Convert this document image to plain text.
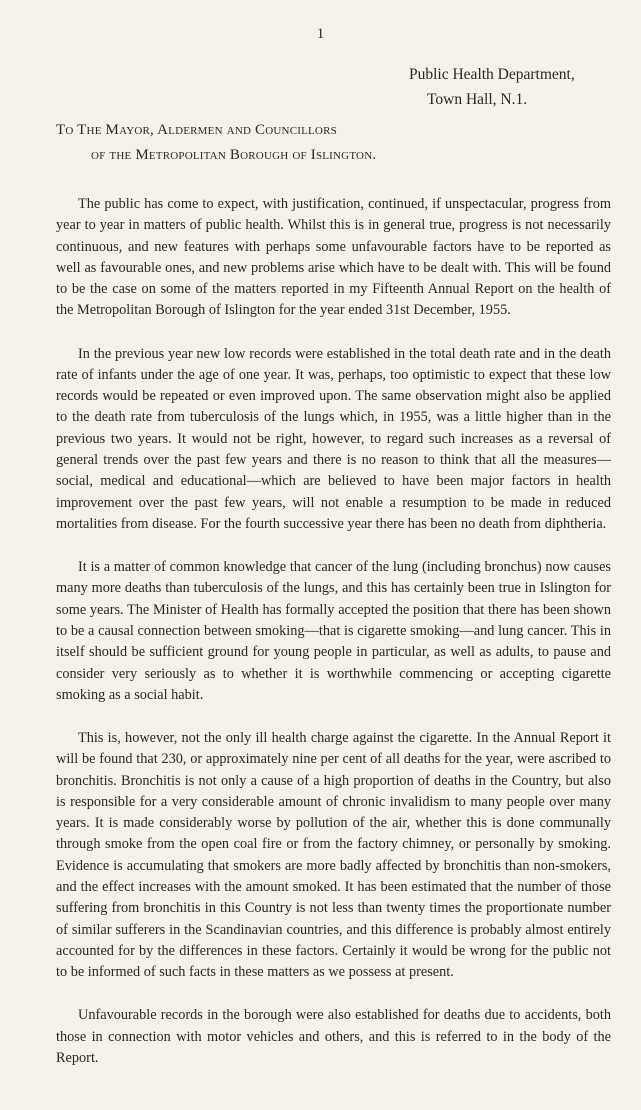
1
Public Health Department,
Town Hall, N.1.
To The Mayor, Aldermen and Councillors
of the Metropolitan Borough of Islington.

The public has come to expect, with justification, continued, if unspectacular, progress from year to year in matters of public health. Whilst this is in general true, progress is not necessarily continuous, and new features with perhaps some unfavourable factors have to be reported as well as favourable ones, and new problems arise which have to be dealt with. This will be found to be the case on some of the matters reported in my Fifteenth Annual Report on the health of the Metropolitan Borough of Islington for the year ended 31st December, 1955.

In the previous year new low records were established in the total death rate and in the death rate of infants under the age of one year. It was, perhaps, too optimistic to expect that these low records would be repeated or even improved upon. The same observation might also be applied to the death rate from tuberculosis of the lungs which, in 1955, was a little higher than in the previous two years. It would not be right, however, to regard such increases as a reversal of general trends over the past few years and there is no reason to think that all the measures—social, medical and educational—which are believed to have been major factors in health improvement over the past few years, will not enable a resumption to be made in reduced mortalities from disease. For the fourth successive year there has been no death from diphtheria.

It is a matter of common knowledge that cancer of the lung (including bronchus) now causes many more deaths than tuberculosis of the lungs, and this has certainly been true in Islington for some years. The Minister of Health has formally accepted the position that there has been shown to be a causal connection between smoking—that is cigarette smoking—and lung cancer. This in itself should be sufficient ground for young people in particular, as well as adults, to pause and consider very seriously as to whether it is worthwhile commencing or accepting cigarette smoking as a social habit.

This is, however, not the only ill health charge against the cigarette. In the Annual Report it will be found that 230, or approximately nine per cent of all deaths for the year, were ascribed to bronchitis. Bronchitis is not only a cause of a high proportion of deaths in the Country, but also is responsible for a very considerable amount of chronic invalidism to many people over many years. It is made considerably worse by pollution of the air, whether this is done communally through smoke from the open coal fire or from the factory chimney, or personally by smoking. Evidence is accumulating that smokers are more badly affected by bronchitis than non-smokers, and the effect increases with the amount smoked. It has been estimated that the number of those suffering from bronchitis in this Country is not less than twenty times the proportionate number of similar sufferers in the Scandinavian countries, and this difference is probably almost entirely accounted for by the differences in these factors. Certainly it would be wrong for the public not to be informed of such facts in these matters as we possess at present.

Unfavourable records in the borough were also established for deaths due to accidents, both those in connection with motor vehicles and others, and this is referred to in the body of the Report.
